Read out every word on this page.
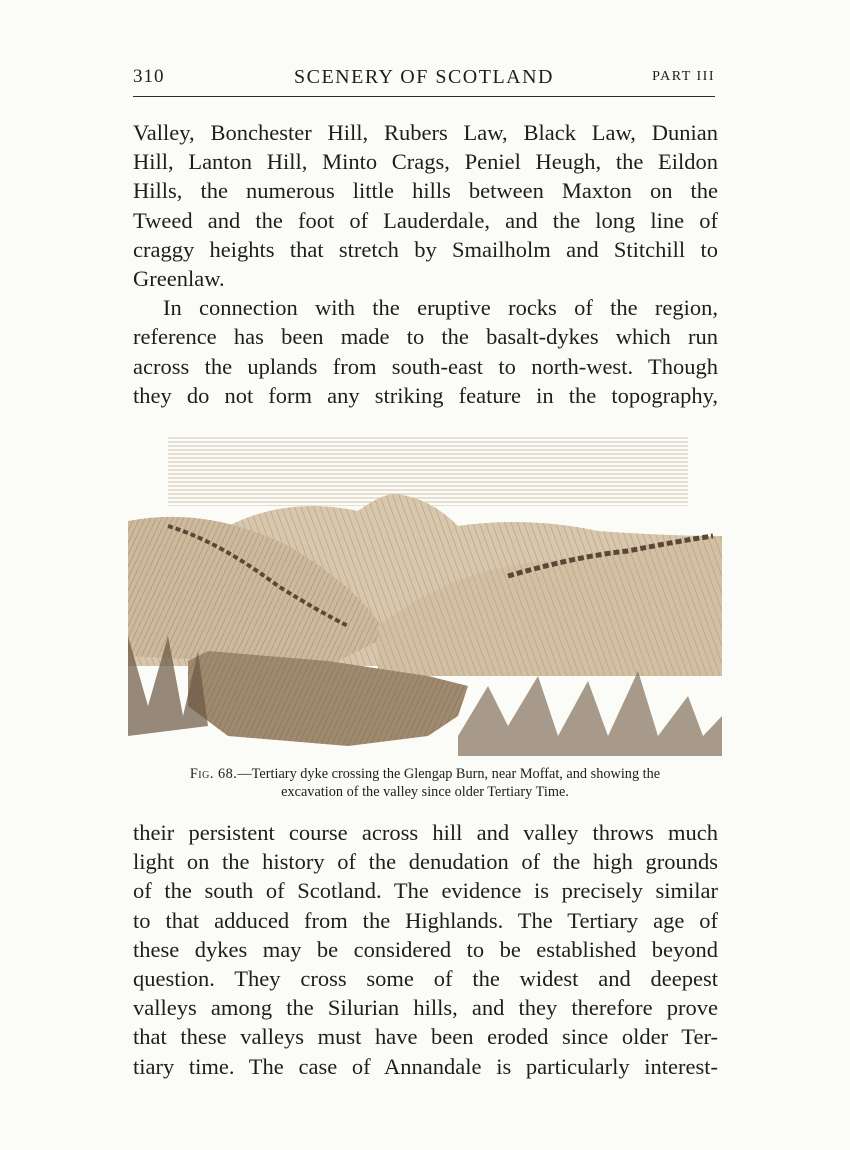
310	SCENERY OF SCOTLAND	PART III
Valley, Bonchester Hill, Rubers Law, Black Law, Dunian
Hill, Lanton Hill, Minto Crags, Peniel Heugh, the Eildon
Hills, the numerous little hills between Maxton on the
Tweed and the foot of Lauderdale, and the long line of
craggy heights that stretch by Smailholm and Stitchill to
Greenlaw.
In connection with the eruptive rocks of the region,
reference has been made to the basalt-dykes which run
across the uplands from south-east to north-west. Though
they do not form any striking feature in the topography,
Fig. 68.—Tertiary dyke crossing the Glengap Burn, near Moffat, and showing the
excavation of the valley since older Tertiary Time.
their persistent course across hill and valley throws much
light on the history of the denudation of the high grounds
of the south of Scotland. The evidence is precisely similar
to that adduced from the Highlands. The Tertiary age of
these dykes may be considered to be established beyond
question. They cross some of the widest and deepest
valleys among the Silurian hills, and they therefore prove
that these valleys must have been eroded since older Ter-
tiary time. The case of Annandale is particularly interest-
